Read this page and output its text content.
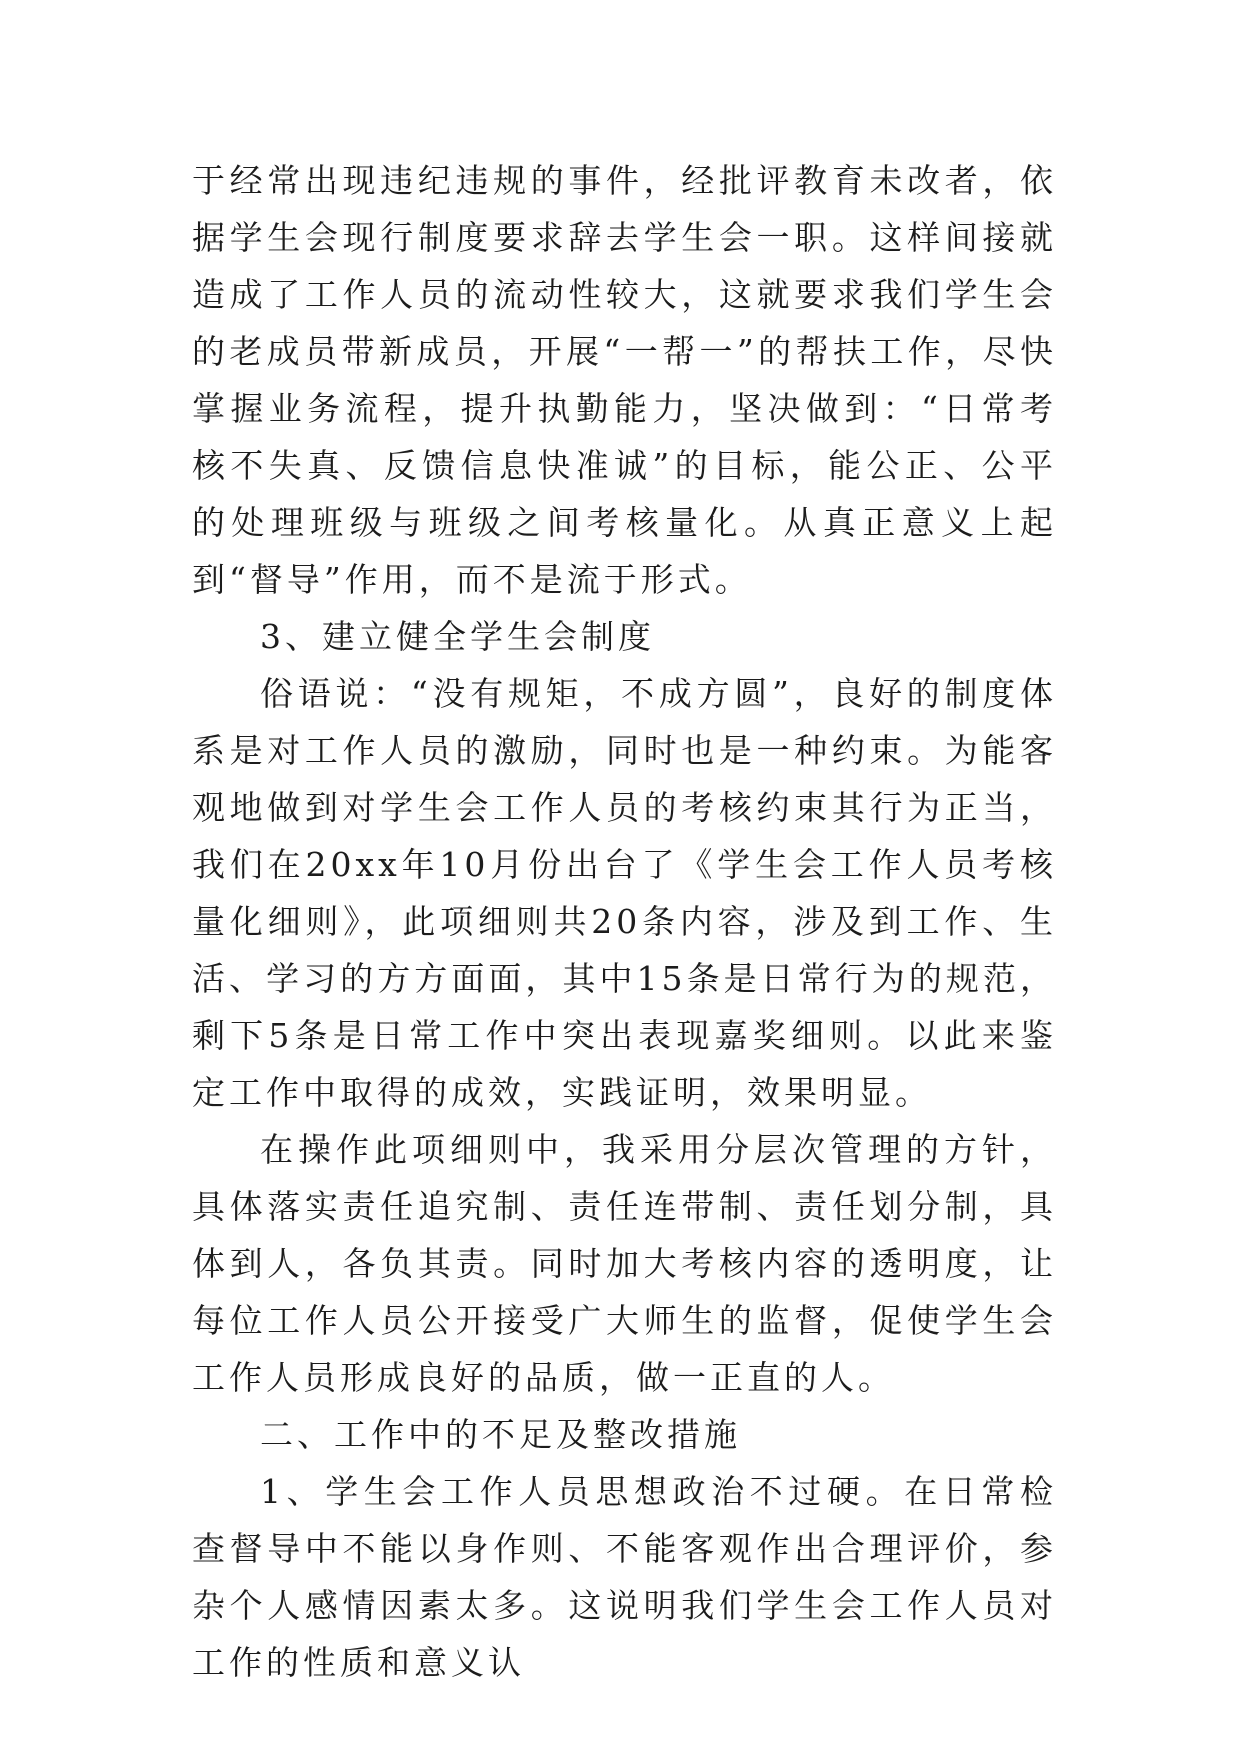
于经常出现违纪违规的事件，经批评教育未改者，依据学生会现行制度要求辞去学生会一职。这样间接就造成了工作人员的流动性较大，这就要求我们学生会的老成员带新成员，开展“一帮一”的帮扶工作，尽快掌握业务流程，提升执勤能力，坚决做到：“日常考核不失真、反馈信息快准诚”的目标，能公正、公平的处理班级与班级之间考核量化。从真正意义上起到“督导”作用，而不是流于形式。

3、建立健全学生会制度

俗语说：“没有规矩，不成方圆”，良好的制度体系是对工作人员的激励，同时也是一种约束。为能客观地做到对学生会工作人员的考核约束其行为正当，我们在20xx年10月份出台了《学生会工作人员考核量化细则》，此项细则共20条内容，涉及到工作、生活、学习的方方面面，其中15条是日常行为的规范，剩下5条是日常工作中突出表现嘉奖细则。以此来鉴定工作中取得的成效，实践证明，效果明显。

在操作此项细则中，我采用分层次管理的方针，具体落实责任追究制、责任连带制、责任划分制，具体到人，各负其责。同时加大考核内容的透明度，让每位工作人员公开接受广大师生的监督，促使学生会工作人员形成良好的品质，做一正直的人。

二、工作中的不足及整改措施

1、学生会工作人员思想政治不过硬。在日常检查督导中不能以身作则、不能客观作出合理评价，参杂个人感情因素太多。这说明我们学生会工作人员对工作的性质和意义认
